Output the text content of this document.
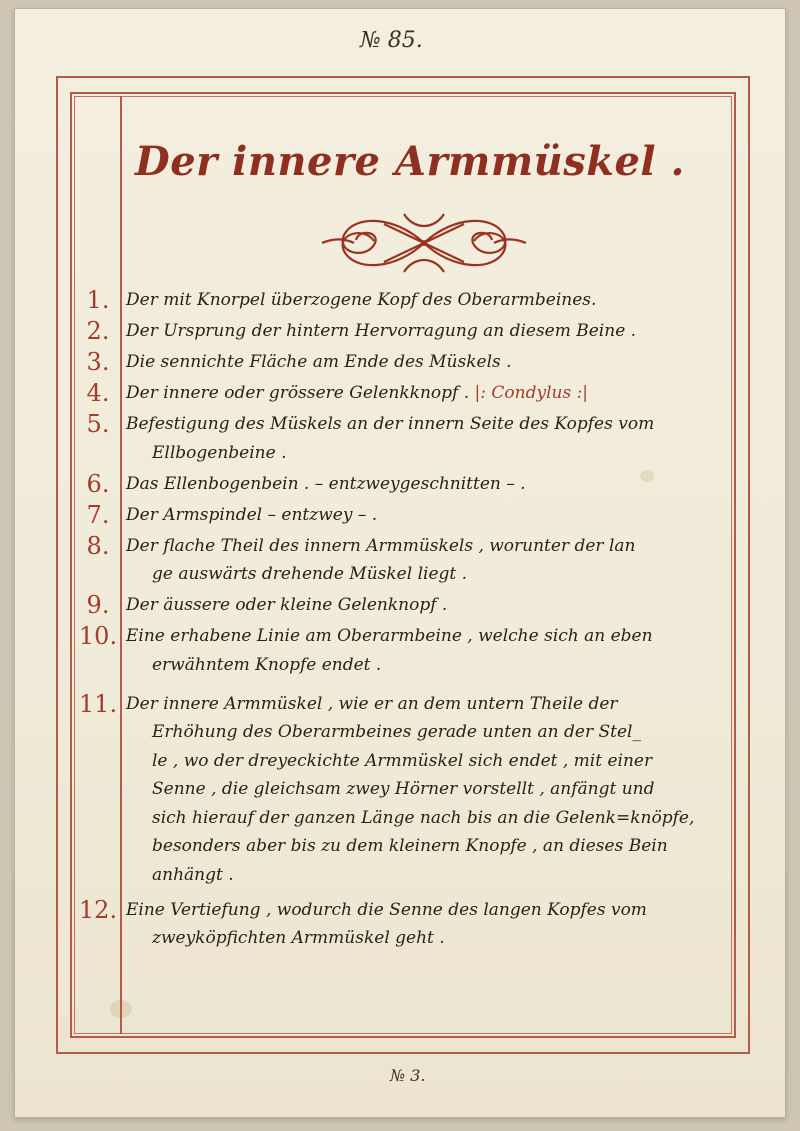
№ 85.
Der innere Armmüskel .
1. Der mit Knorpel überzogene Kopf des Oberarmbeines.
2. Der Ursprung der hintern Hervorragung an diesem Beine .
3. Die sennichte Fläche am Ende des Müskels .
4. Der innere oder grössere Gelenkknopf . |: Condylus :|
5. Befestigung des Müskels an der innern Seite des Kopfes vom
Ellbogenbeine .
6. Das Ellenbogenbein . – entzweygeschnitten – .
7. Der Armspindel – entzwey – .
8. Der flache Theil des innern Armmüskels , worunter der lan
ge auswärts drehende Müskel liegt .
9. Der äussere oder kleine Gelenknopf .
10. Eine erhabene Linie am Oberarmbeine , welche sich an eben
erwähntem Knopfe endet .
11. Der innere Armmüskel , wie er an dem untern Theile der
Erhöhung des Oberarmbeines gerade unten an der Stel_
le , wo der dreyeckichte Armmüskel sich endet , mit einer
Senne , die gleichsam zwey Hörner vorstellt , anfängt und
sich hierauf der ganzen Länge nach bis an die Gelenk=knöpfe,
besonders aber bis zu dem kleinern Knopfe , an dieses Bein
anhängt .
12. Eine Vertiefung , wodurch die Senne des langen Kopfes vom
zweyköpfichten Armmüskel geht .
№ 3.
